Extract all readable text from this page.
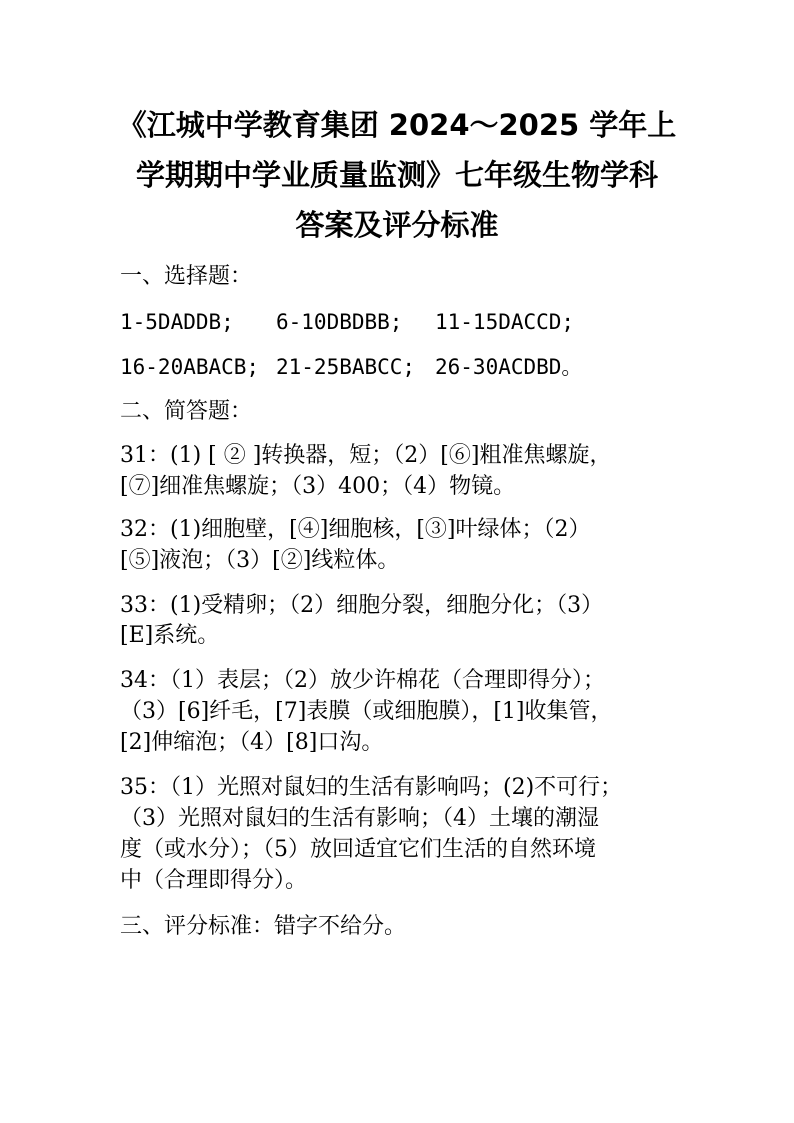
《江城中学教育集团 2024～2025 学年上
学期期中学业质量监测》七年级生物学科
答案及评分标准
一、选择题：
1-5DADDB; 6-10DBDBB; 11-15DACCD;
16-20ABACB; 21-25BABCC; 26-30ACDBD。
二、简答题：
31：(1) [ ② ]转换器，短；（2）[⑥]粗准焦螺旋，
[⑦]细准焦螺旋；（3）400；（4）物镜。
32：(1)细胞壁，[④]细胞核，[③]叶绿体；（2）
[⑤]液泡；（3）[②]线粒体。
33：(1)受精卵；（2）细胞分裂，细胞分化；（3）
[E]系统。
34：（1）表层；（2）放少许棉花（合理即得分）；
（3）[6]纤毛，[7]表膜（或细胞膜），[1]收集管，
[2]伸缩泡；（4）[8]口沟。
35：（1）光照对鼠妇的生活有影响吗；(2)不可行；
（3）光照对鼠妇的生活有影响；（4）土壤的潮湿
度（或水分）；（5）放回适宜它们生活的自然环境
中（合理即得分）。
三、评分标准：错字不给分。
